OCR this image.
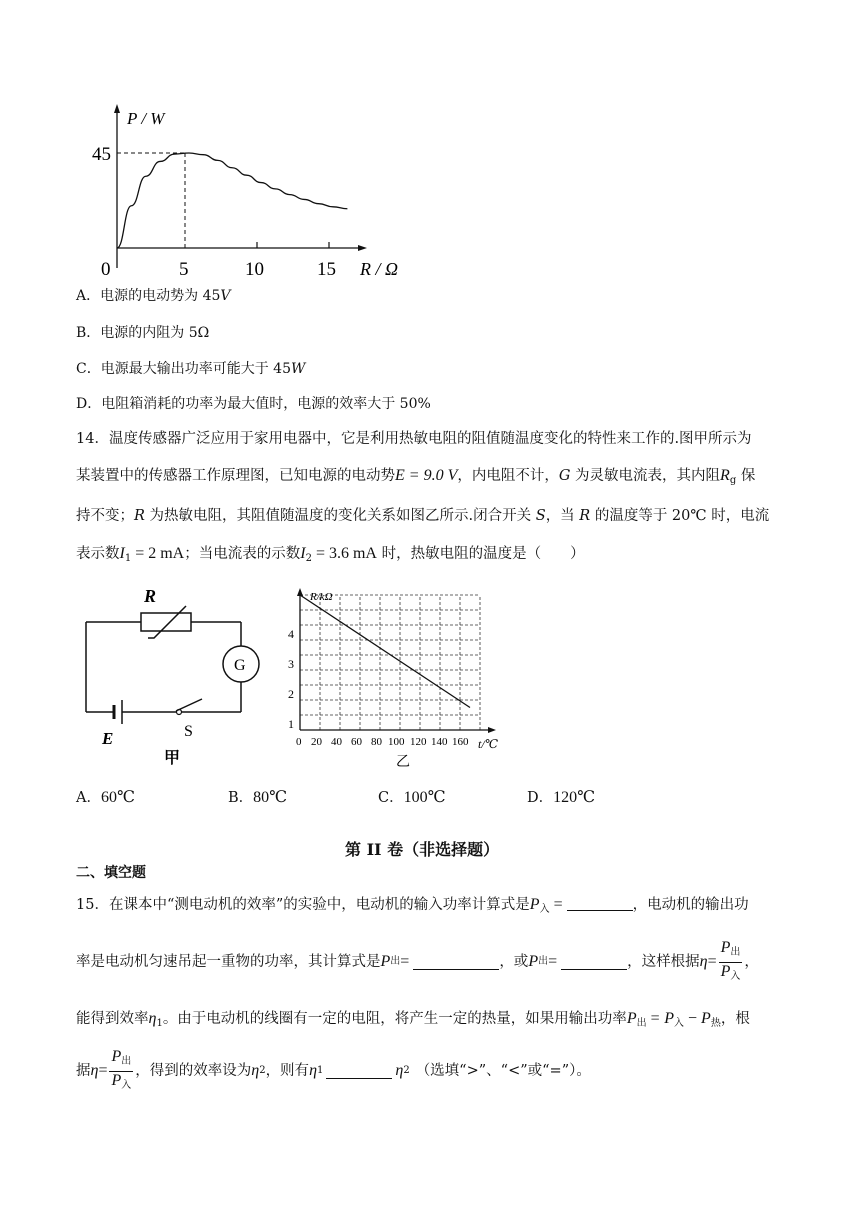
P / W
45
0	5	10	15 R / Ω
A．电源的电动势为 45V
B．电源的内阻为 5Ω
C．电源最大输出功率可能大于 45W
D．电阻箱消耗的功率为最大值时，电源的效率大于 50%
14．温度传感器广泛应用于家用电器中，它是利用热敏电阻的阻值随温度变化的特性来工作的.图甲所示为
某装置中的传感器工作原理图，已知电源的电动势E = 9.0 V，内电阻不计，G 为灵敏电流表，其内阻$R_g$ 保
持不变；R 为热敏电阻，其阻值随温度的变化关系如图乙所示.闭合开关 S，当 R 的温度等于 20℃ 时，电流
表示数$I_1 = 2$ mA；当电流表的示数$I_2 = 3.6$ mA 时，热敏电阻的温度是（　　）
R
G
S
E
甲
R/kΩ
4
3
2
1
0 20 40 60 80 100 120 140 160 t/℃
乙
A．60℃	B．80℃	C．100℃	D．120℃
第 II 卷（非选择题）
二、填空题
15．在课本中“测电动机的效率”的实验中，电动机的输入功率计算式是$P_入$ =	，电动机的输出功
率是电动机匀速吊起一重物的功率，其计算式是 P 出 =	，或 P 出 =	，这样根据 $\eta = \frac{P_出}{P_入}$ ，
能得到效率$\eta_1$。由于电动机的线圈有一定的电阻，将产生一定的热量，如果用输出功率$P_出 = P_入 - P_热$，根
据 $\eta = \frac{P_出}{P_入}$ ，得到的效率设为 η 2 ，则有 η 1	η 2 （选填“>”、“<”或“=”）。
